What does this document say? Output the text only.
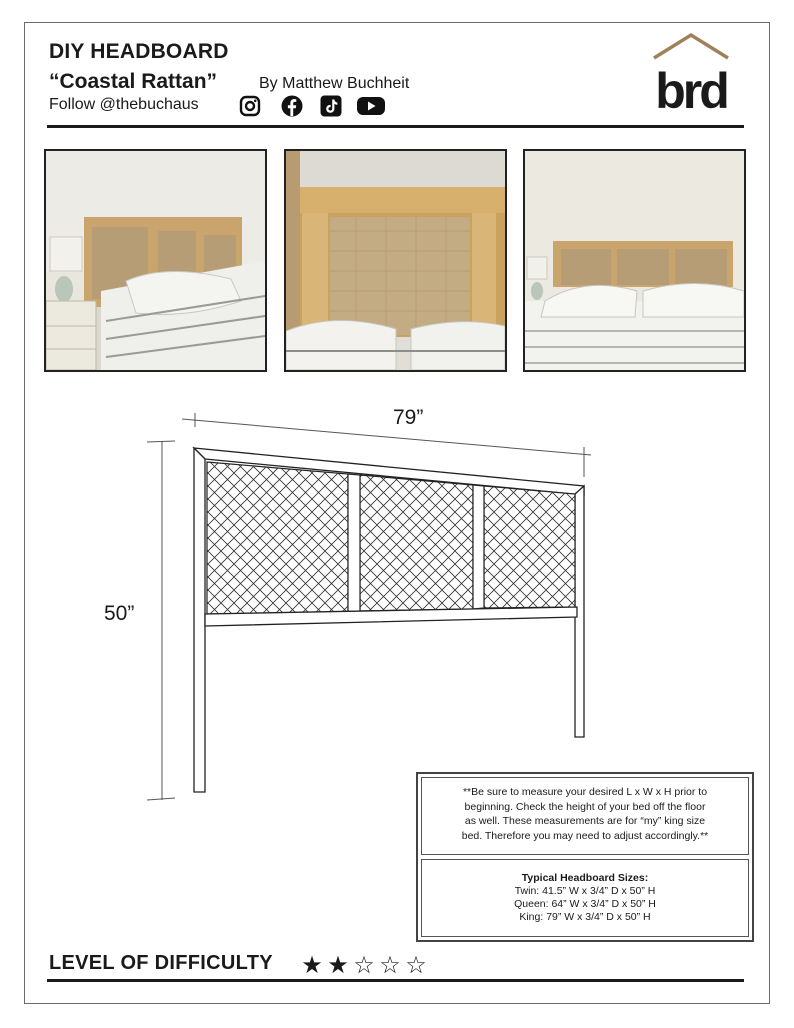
DIY HEADBOARD
“Coastal Rattan”	By Matthew Buchheit
Follow @thebuchaus	brd
79”
50”
**Be sure to measure your desired L x W x H prior to
beginning. Check the height of your bed off the floor
as well. These measurements are for “my” king size
bed. Therefore you may need to adjust accordingly.**
Typical Headboard Sizes:
Twin: 41.5” W x 3/4” D x 50” H
Queen: 64” W x 3/4” D x 50” H
King: 79” W x 3/4” D x 50” H
LEVEL OF DIFFICULTY ★ ★ ☆ ☆ ☆
